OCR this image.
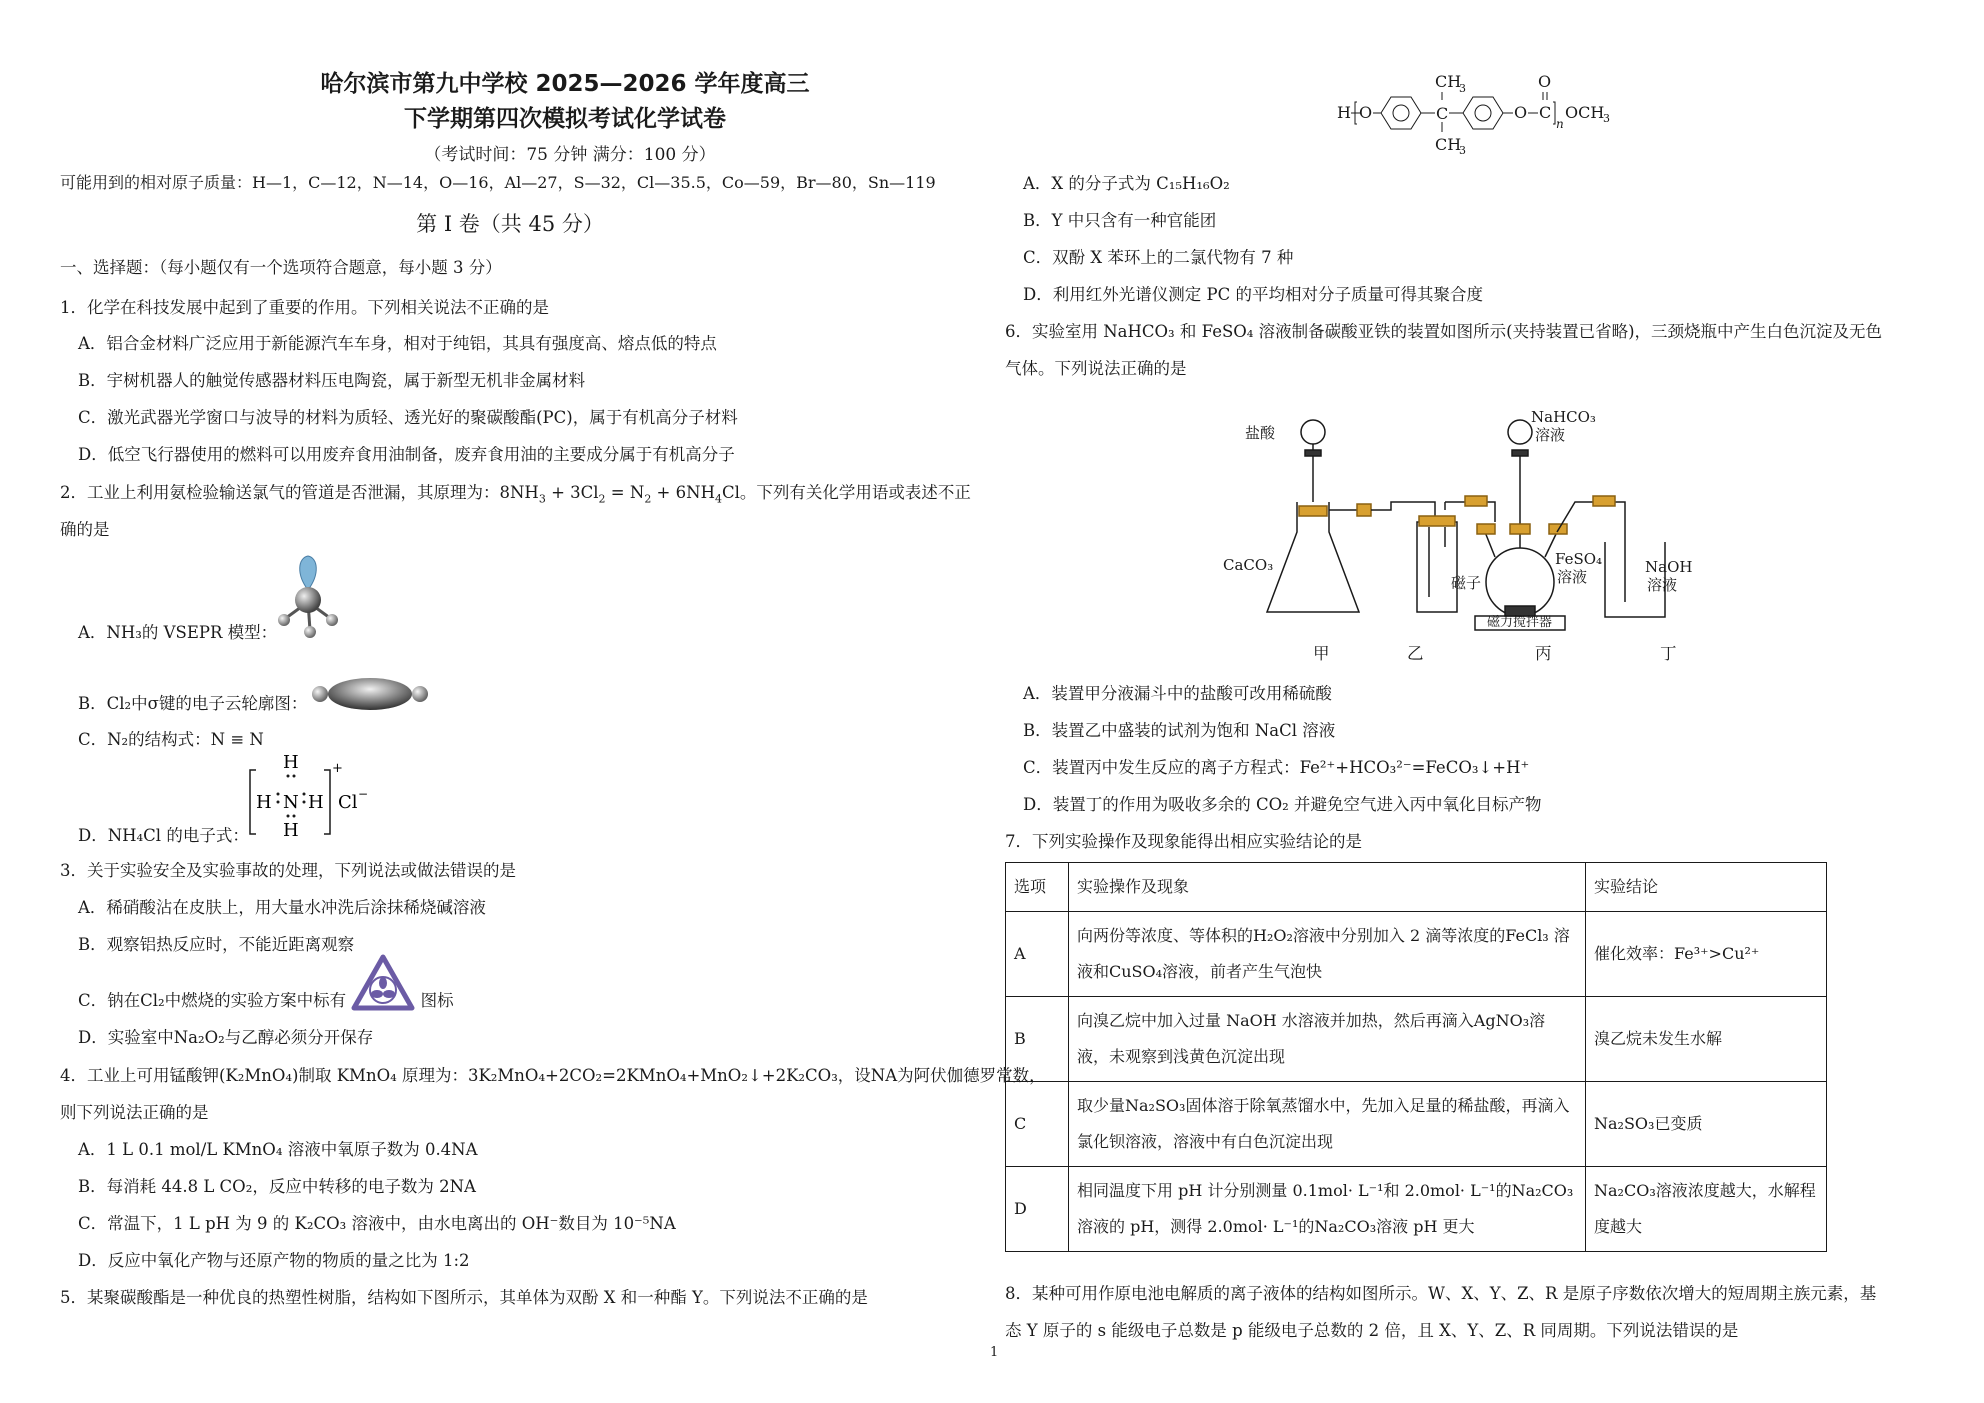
哈尔滨市第九中学校 2025—2026 学年度高三
下学期第四次模拟考试化学试卷
（考试时间：75 分钟 满分：100 分）
可能用到的相对原子质量：H—1，C—12，N—14，O—16，Al—27，S—32，Cl—35.5，Co—59，Br—80，Sn—119
第 I 卷（共 45 分）
一、选择题：（每小题仅有一个选项符合题意，每小题 3 分）
1．化学在科技发展中起到了重要的作用。下列相关说法不正确的是
A．铝合金材料广泛应用于新能源汽车车身，相对于纯铝，其具有强度高、熔点低的特点
B．宇树机器人的触觉传感器材料压电陶瓷，属于新型无机非金属材料
C．激光武器光学窗口与波导的材料为质轻、透光好的聚碳酸酯(PC)，属于有机高分子材料
D．低空飞行器使用的燃料可以用废弃食用油制备，废弃食用油的主要成分属于有机高分子
2．工业上利用氨检验输送氯气的管道是否泄漏，其原理为：$8NH_3 + 3Cl_2 = N_2 + 6NH_4Cl$。下列有关化学用语或表述不正
确的是
A．NH₃的 VSEPR 模型：
B．Cl₂中σ键的电子云轮廓图：
C．N₂的结构式：N ≡ N
D．NH₄Cl 的电子式：
H
H N H
H
+
Cl −
3．关于实验安全及实验事故的处理，下列说法或做法错误的是
A．稀硝酸沾在皮肤上，用大量水冲洗后涂抹稀烧碱溶液
B．观察铝热反应时，不能近距离观察
C．钠在Cl₂中燃烧的实验方案中标有	图标
D．实验室中Na₂O₂与乙醇必须分开保存
4．工业上可用锰酸钾(K₂MnO₄)制取 KMnO₄ 原理为：3K₂MnO₄+2CO₂=2KMnO₄+MnO₂↓+2K₂CO₃，设NA为阿伏伽德罗常数，
则下列说法正确的是
A．1 L 0.1 mol/L KMnO₄ 溶液中氧原子数为 0.4NA
B．每消耗 44.8 L CO₂，反应中转移的电子数为 2NA
C．常温下，1 L pH 为 9 的 K₂CO₃ 溶液中，由水电离出的 OH⁻数目为 10⁻⁵NA
D．反应中氧化产物与还原产物的物质的量之比为 1:2
5．某聚碳酸酯是一种优良的热塑性树脂，结构如下图所示，其单体为双酚 X 和一种酯 Y。下列说法不正确的是
H O	C
CH
3
CH
3
O C
O
n
OCH
3
A．X 的分子式为 C₁₅H₁₆O₂
B．Y 中只含有一种官能团
C．双酚 X 苯环上的二氯代物有 7 种
D．利用红外光谱仪测定 PC 的平均相对分子质量可得其聚合度
6．实验室用 NaHCO₃ 和 FeSO₄ 溶液制备碳酸亚铁的装置如图所示(夹持装置已省略)，三颈烧瓶中产生白色沉淀及无色
气体。下列说法正确的是
盐酸
CaCO₃
NaHCO₃
溶液
FeSO₄
溶液
磁子
磁力搅拌器
NaOH
溶液
甲	乙	丙	丁
A．装置甲分液漏斗中的盐酸可改用稀硫酸
B．装置乙中盛装的试剂为饱和 NaCl 溶液
C．装置丙中发生反应的离子方程式：Fe²⁺+HCO₃²⁻=FeCO₃↓+H⁺
D．装置丁的作用为吸收多余的 CO₂ 并避免空气进入丙中氧化目标产物
7．下列实验操作及现象能得出相应实验结论的是
选项	实验操作及现象	实验结论
A	向两份等浓度、等体积的H₂O₂溶液中分别加入 2 滴等浓度的FeCl₃ 溶液和CuSO₄溶液，前者产生气泡快	催化效率：Fe³⁺>Cu²⁺
B	向溴乙烷中加入过量 NaOH 水溶液并加热，然后再滴入AgNO₃溶液，未观察到浅黄色沉淀出现	溴乙烷未发生水解
C	取少量Na₂SO₃固体溶于除氧蒸馏水中，先加入足量的稀盐酸，再滴入氯化钡溶液，溶液中有白色沉淀出现	Na₂SO₃已变质
D	相同温度下用 pH 计分别测量 0.1mol· L⁻¹和 2.0mol· L⁻¹的Na₂CO₃ 溶液的 pH，测得 2.0mol· L⁻¹的Na₂CO₃溶液 pH 更大	Na₂CO₃溶液浓度越大，水解程度越大
8．某种可用作原电池电解质的离子液体的结构如图所示。W、X、Y、Z、R 是原子序数依次增大的短周期主族元素，基
态 Y 原子的 s 能级电子总数是 p 能级电子总数的 2 倍，且 X、Y、Z、R 同周期。下列说法错误的是
1
